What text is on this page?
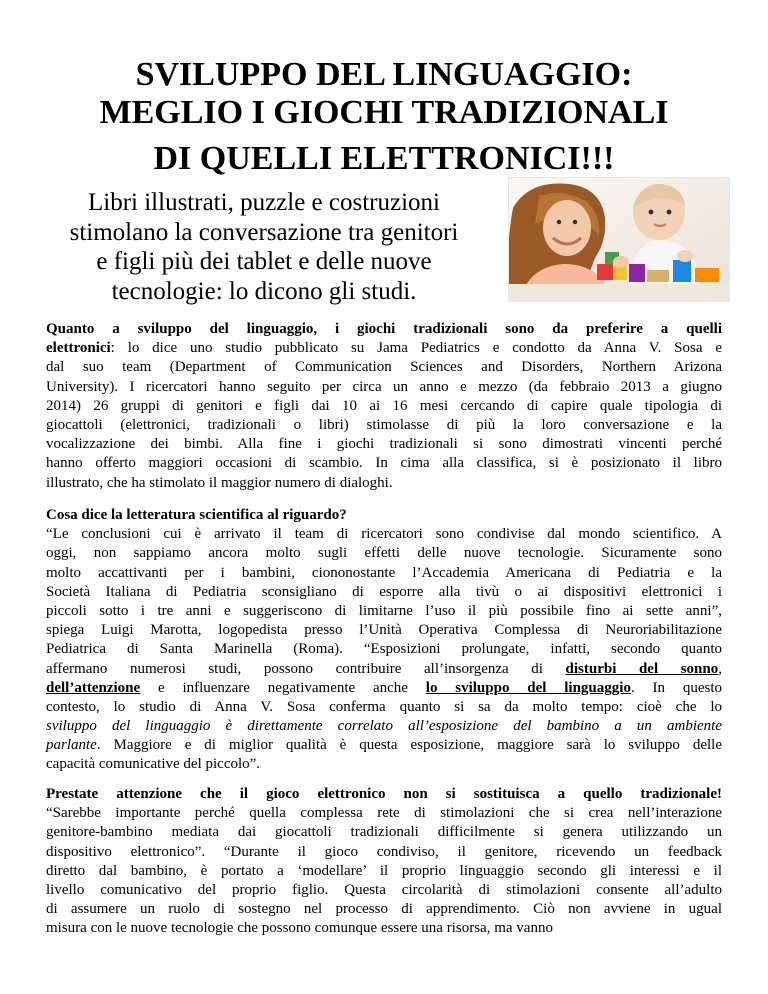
SVILUPPO DEL LINGUAGGIO:
MEGLIO I GIOCHI TRADIZIONALI
DI QUELLI ELETTRONICI!!!
Libri illustrati, puzzle e costruzioni
stimolano la conversazione tra genitori
e figli più dei tablet e delle nuove
tecnologie: lo dicono gli studi.
Quanto a sviluppo del linguaggio, i giochi tradizionali sono da preferire a quelli
elettronici: lo dice uno studio pubblicato su Jama Pediatrics e condotto da Anna V. Sosa e
dal suo team (Department of Communication Sciences and Disorders, Northern Arizona
University). I ricercatori hanno seguito per circa un anno e mezzo (da febbraio 2013 a giugno
2014) 26 gruppi di genitori e figli dai 10 ai 16 mesi cercando di capire quale tipologia di
giocattoli (elettronici, tradizionali o libri) stimolasse di più la loro conversazione e la
vocalizzazione dei bimbi. Alla fine i giochi tradizionali si sono dimostrati vincenti perché
hanno offerto maggiori occasioni di scambio. In cima alla classifica, si è posizionato il libro
illustrato, che ha stimolato il maggior numero di dialoghi.
Cosa dice la letteratura scientifica al riguardo?
“Le conclusioni cui è arrivato il team di ricercatori sono condivise dal mondo scientifico. A
oggi, non sappiamo ancora molto sugli effetti delle nuove tecnologie. Sicuramente sono
molto accattivanti per i bambini, ciononostante l’Accademia Americana di Pediatria e la
Società Italiana di Pediatria sconsigliano di esporre alla tivù o ai dispositivi elettronici i
piccoli sotto i tre anni e suggeriscono di limitarne l’uso il più possibile fino ai sette anni”,
spiega Luigi Marotta, logopedista presso l’Unità Operativa Complessa di Neuroriabilitazione
Pediatrica di Santa Marinella (Roma). “Esposizioni prolungate, infatti, secondo quanto
affermano numerosi studi, possono contribuire all’insorgenza di disturbi del sonno,
dell’attenzione e influenzare negativamente anche lo sviluppo del linguaggio. In questo
contesto, lo studio di Anna V. Sosa conferma quanto si sa da molto tempo: cioè che lo
sviluppo del linguaggio è direttamente correlato all’esposizione del bambino a un ambiente
parlante. Maggiore e di miglior qualità è questa esposizione, maggiore sarà lo sviluppo delle
capacità comunicative del piccolo”.
Prestate attenzione che il gioco elettronico non si sostituisca a quello tradizionale!
“Sarebbe importante perché quella complessa rete di stimolazioni che si crea nell’interazione
genitore-bambino mediata dai giocattoli tradizionali difficilmente si genera utilizzando un
dispositivo elettronico”. “Durante il gioco condiviso, il genitore, ricevendo un feedback
diretto dal bambino, è portato a ‘modellare’ il proprio linguaggio secondo gli interessi e il
livello comunicativo del proprio figlio. Questa circolarità di stimolazioni consente all’adulto
di assumere un ruolo di sostegno nel processo di apprendimento. Ciò non avviene in ugual
misura con le nuove tecnologie che possono comunque essere una risorsa, ma vanno
